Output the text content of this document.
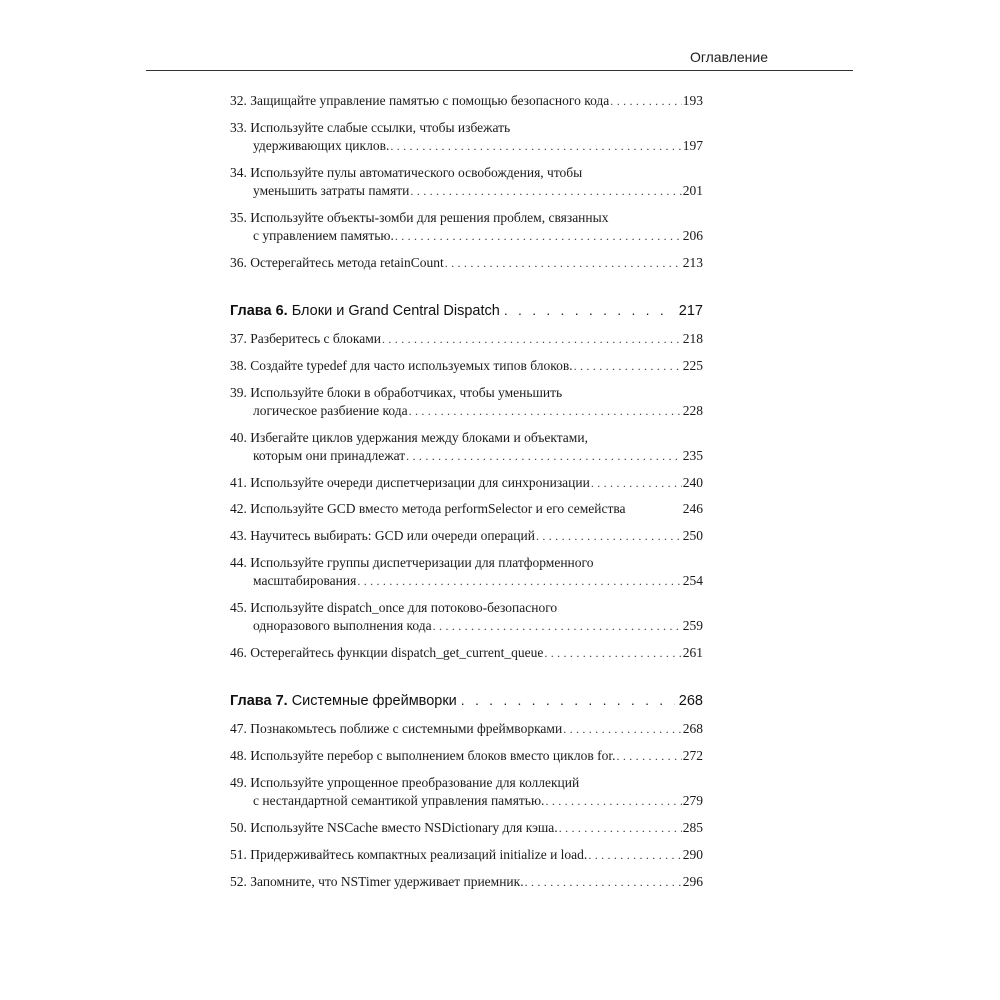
Оглавление
32. Защищайте управление памятью с помощью безопасного кода . . .	193
33. Используйте слабые ссылки, чтобы избежать
удерживающих циклов. . . .	197
34. Используйте пулы автоматического освобождения, чтобы
уменьшить затраты памяти . . .	201
35. Используйте объекты-зомби для решения проблем, связанных
с управлением памятью. . . .	206
36. Остерегайтесь метода retainCount . . .	213
Глава 6. Блоки и Grand Central Dispatch . . .	217
37. Разберитесь с блоками . . .	218
38. Создайте typedef для часто используемых типов блоков. . . .	225
39. Используйте блоки в обработчиках, чтобы уменьшить
логическое разбиение кода . . .	228
40. Избегайте циклов удержания между блоками и объектами,
которым они принадлежат . . .	235
41. Используйте очереди диспетчеризации для синхронизации . . .	240
42. Используйте GCD вместо метода performSelector и его семейства	246
43. Научитесь выбирать: GCD или очереди операций . . .	250
44. Используйте группы диспетчеризации для платформенного
масштабирования . . .	254
45. Используйте dispatch_once для потоково-безопасного
одноразового выполнения кода . . .	259
46. Остерегайтесь функции dispatch_get_current_queue . . .	261
Глава 7. Системные фреймворки . . .	268
47. Познакомьтесь поближе с системными фреймворками . . .	268
48. Используйте перебор с выполнением блоков вместо циклов for. . . .	272
49. Используйте упрощенное преобразование для коллекций
с нестандартной семантикой управления памятью. . . .	279
50. Используйте NSCache вместо NSDictionary для кэша. . . .	285
51. Придерживайтесь компактных реализаций initialize и load. . . .	290
52. Запомните, что NSTimer удерживает приемник. . . .	296
